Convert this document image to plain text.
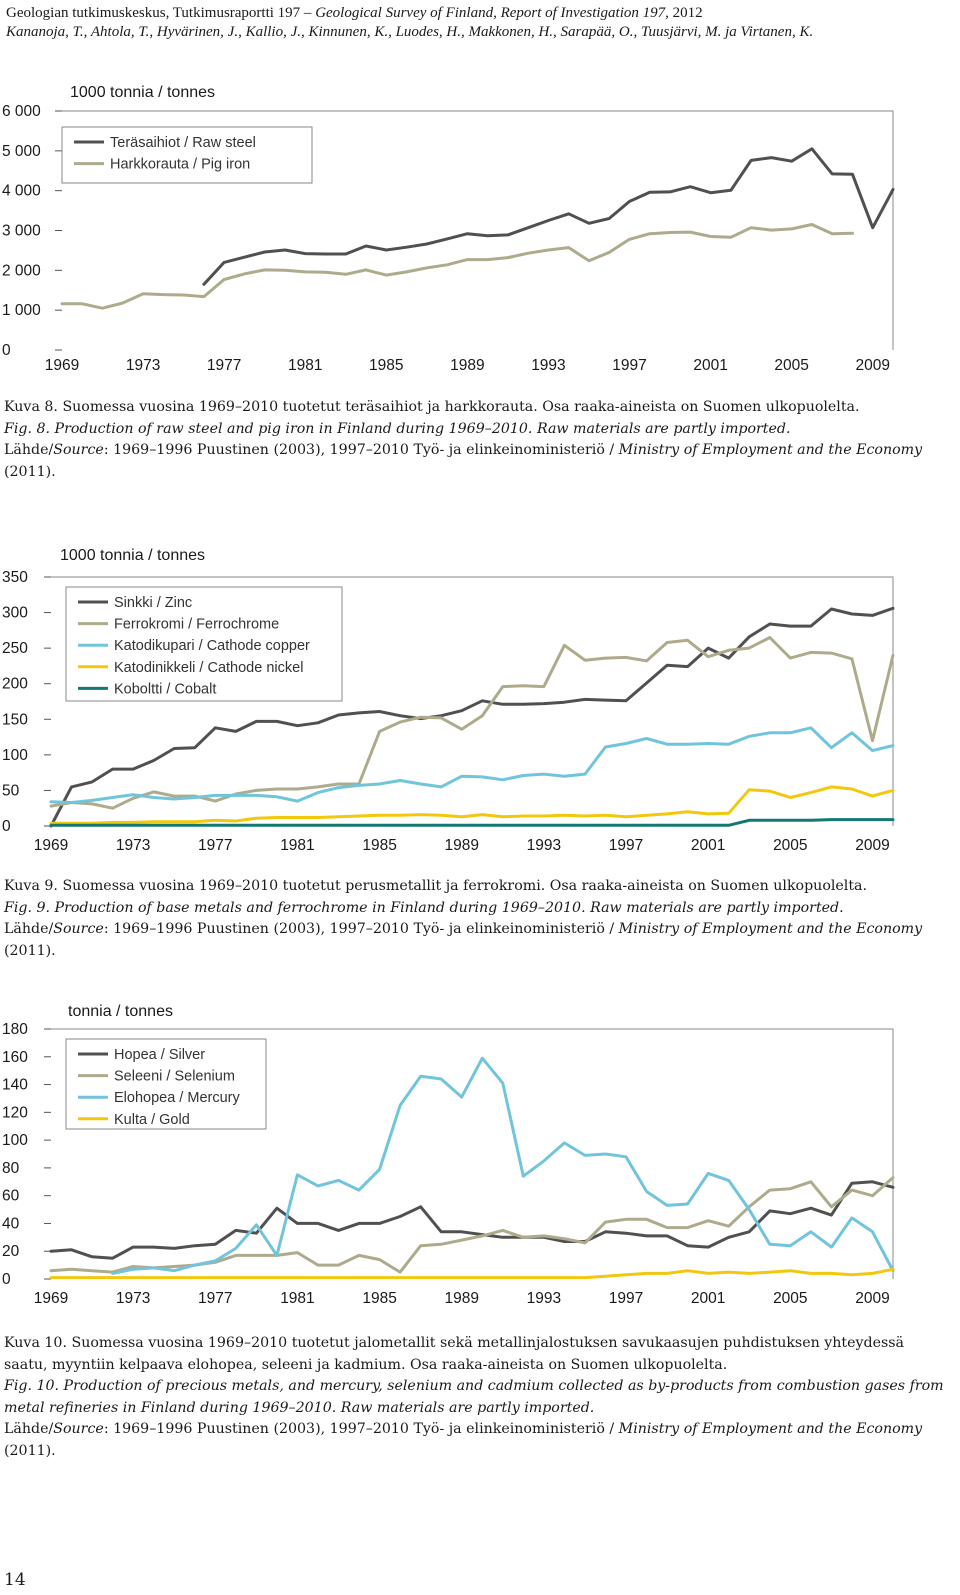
Geologian tutkimuskeskus, Tutkimusraportti 197 – Geological Survey of Finland, Report of Investigation 197, 2012
Kananoja, T., Ahtola, T., Hyvärinen, J., Kallio, J., Kinnunen, K., Luodes, H., Makkonen, H., Sarapää, O., Tuusjärvi, M. ja Virtanen, K.
1000 tonnia / tonnes
0
1 000
2 000
3 000
4 000
5 000
6 000
1969	1973	1977	1981	1985	1989	1993	1997	2001	2005	2009
Teräsaihiot / Raw steel
Harkkorauta / Pig iron
Kuva 8. Suomessa vuosina 1969–2010 tuotetut teräsaihiot ja harkkorauta. Osa raaka-aineista on Suomen ulkopuolelta.
Fig. 8. Production of raw steel and pig iron in Finland during 1969–2010. Raw materials are partly imported.
Lähde/Source: 1969–1996 Puustinen (2003), 1997–2010 Työ- ja elinkeinoministeriö / Ministry of Employment and the Economy
(2011).
1000 tonnia / tonnes
0
50
100
150
200
250
300
350
1969	1973	1977	1981	1985	1989	1993	1997	2001	2005	2009
Sinkki / Zinc
Ferrokromi / Ferrochrome
Katodikupari / Cathode copper
Katodinikkeli / Cathode nickel
Koboltti / Cobalt
Kuva 9. Suomessa vuosina 1969–2010 tuotetut perusmetallit ja ferrokromi. Osa raaka-aineista on Suomen ulkopuolelta.
Fig. 9. Production of base metals and ferrochrome in Finland during 1969–2010. Raw materials are partly imported.
Lähde/Source: 1969–1996 Puustinen (2003), 1997–2010 Työ- ja elinkeinoministeriö / Ministry of Employment and the Economy
(2011).
tonnia / tonnes
0
20
40
60
80
100
120
140
160
180
1969	1973	1977	1981	1985	1989	1993	1997	2001	2005	2009
Hopea / Silver
Seleeni / Selenium
Elohopea / Mercury
Kulta / Gold
Kuva 10. Suomessa vuosina 1969–2010 tuotetut jalometallit sekä metallinjalostuksen savukaasujen puhdistuksen yhteydessä saatu, myyntiin kelpaava elohopea, seleeni ja kadmium. Osa raaka-aineista on Suomen ulkopuolelta.
Fig. 10. Production of precious metals, and mercury, selenium and cadmium collected as by-products from combustion gases from metal refineries in Finland during 1969–2010. Raw materials are partly imported.
Lähde/Source: 1969–1996 Puustinen (2003), 1997–2010 Työ- ja elinkeinoministeriö / Ministry of Employment and the Economy
(2011).
14
